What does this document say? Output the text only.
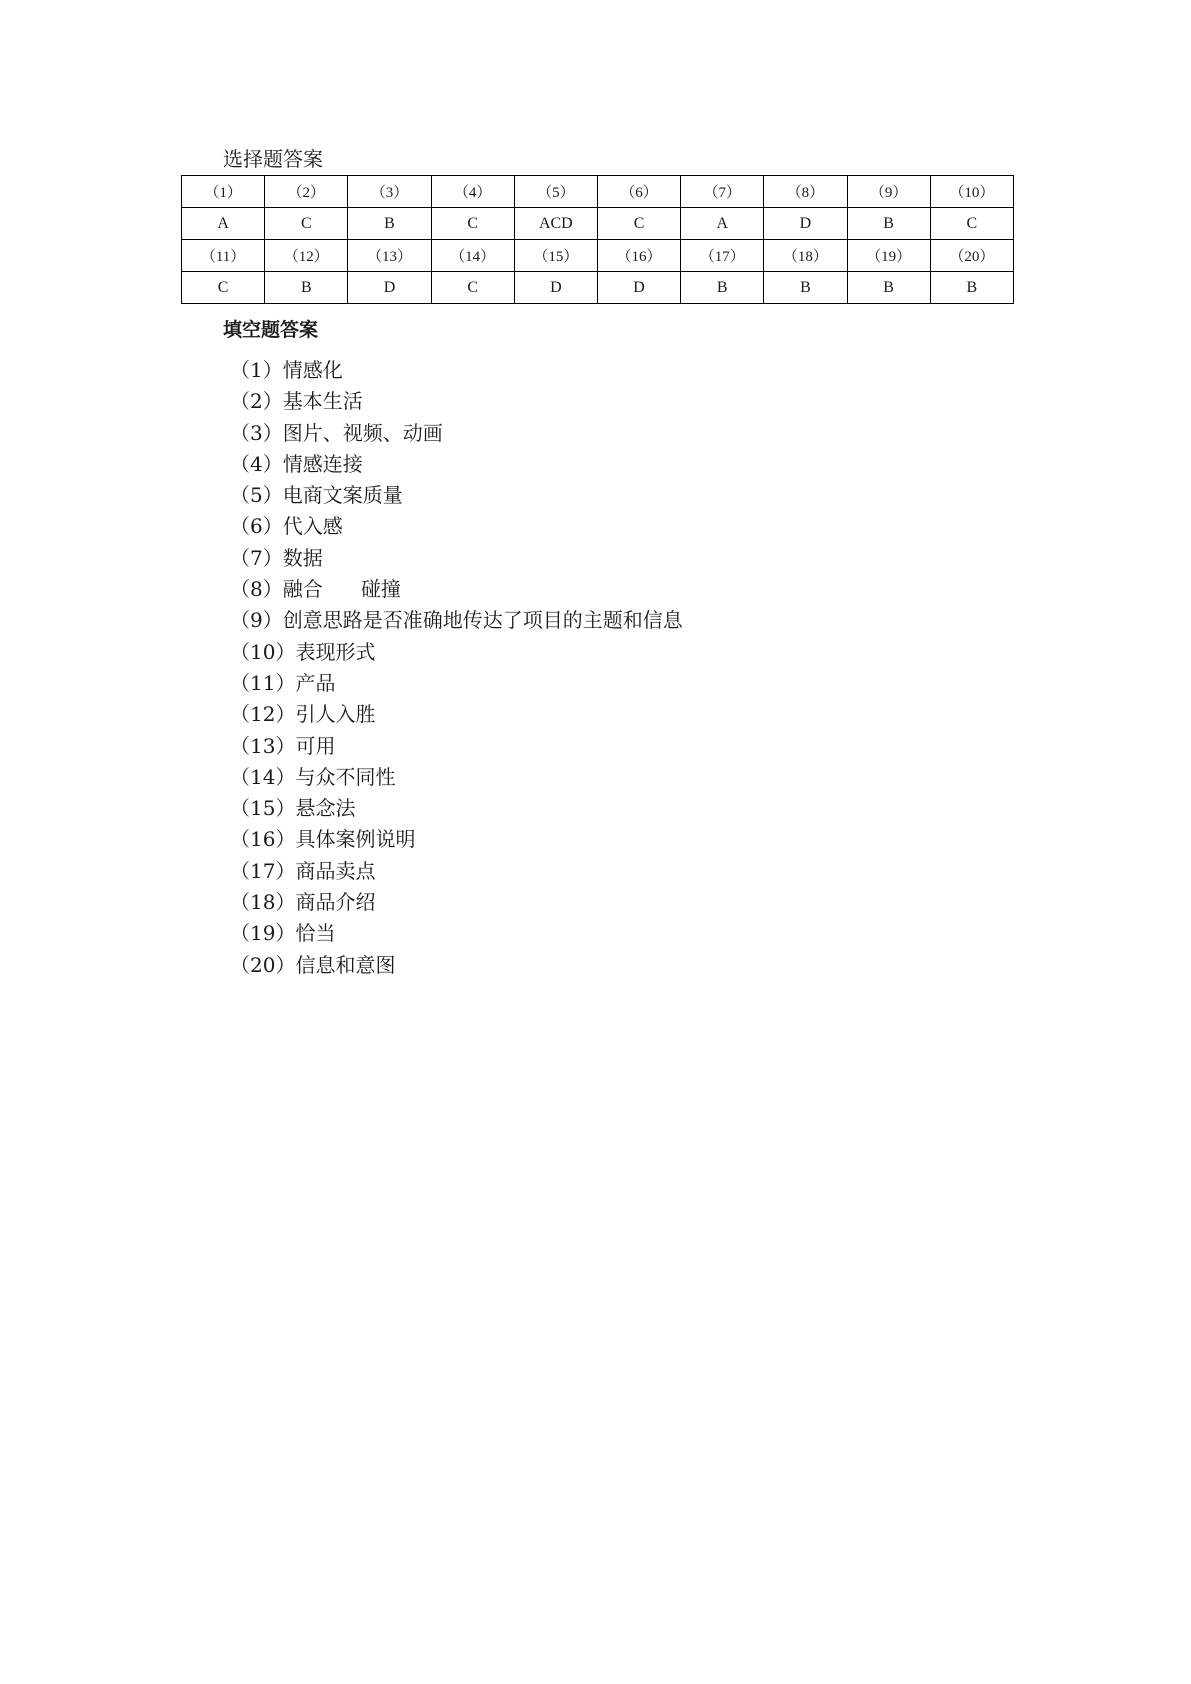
选择题答案
（1）	（2）	（3）	（4）	（5）	（6）	（7）	（8）	（9）	（10）
A	C	B	C	ACD	C	A	D	B	C
（11）	（12）	（13）	（14）	（15）	（16）	（17）	（18）	（19）	（20）
C	B	D	C	D	D	B	B	B	B
填空题答案
（1）情感化
（2）基本生活
（3）图片、视频、动画
（4）情感连接
（5）电商文案质量
（6）代入感
（7）数据
（8）融合      碰撞
（9）创意思路是否准确地传达了项目的主题和信息
（10）表现形式
（11）产品
（12）引人入胜
（13）可用
（14）与众不同性
（15）悬念法
（16）具体案例说明
（17）商品卖点
（18）商品介绍
（19）恰当
（20）信息和意图
